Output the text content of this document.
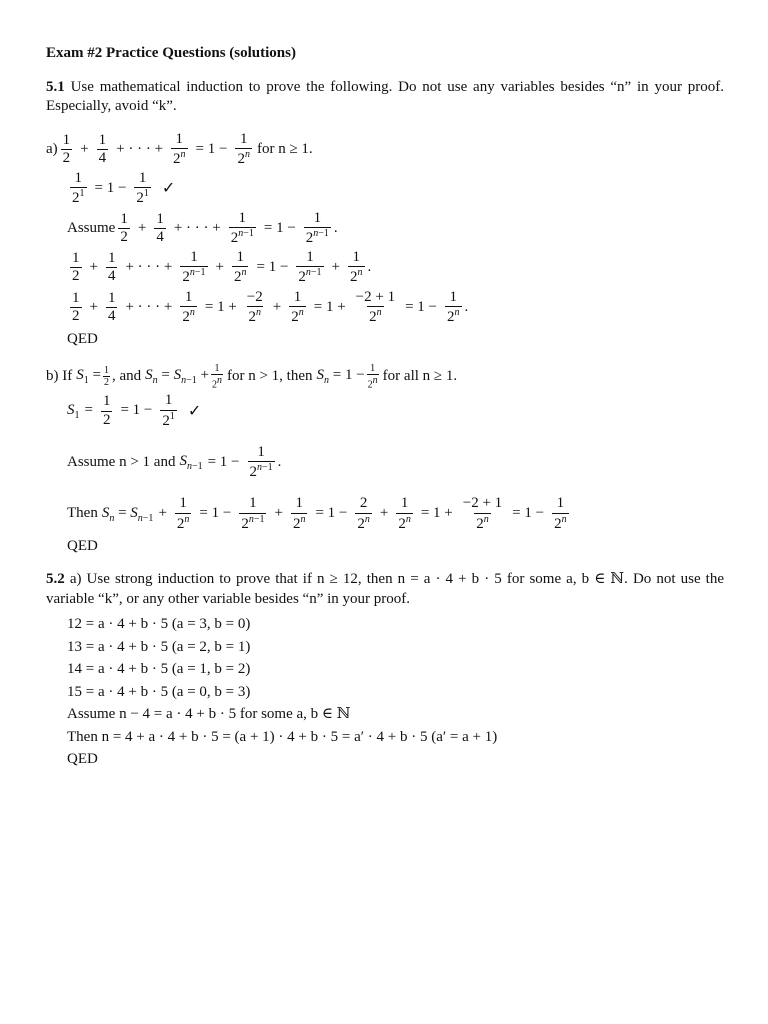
Exam #2 Practice Questions (solutions)

5.1 Use mathematical induction to prove the following. Do not use any variables besides “n” in your proof. Especially, avoid “k”.

$a) \frac{1}{2} + \frac{1}{4}$ + · · · + $\frac{1}{2^n} = 1 - \frac{1}{2^n}$ for n ≥ 1.
$\frac{1}{2^1} = 1 - \frac{1}{2^1}$ ✓
Assume $\frac{1}{2} + \frac{1}{4}$ + · · · + $\frac{1}{2^{n-1}} = 1 - \frac{1}{2^{n-1}}$ .
$\frac{1}{2} + \frac{1}{4}$ + · · · + $\frac{1}{2^{n-1}} + \frac{1}{2^n} = 1 - \frac{1}{2^{n-1}} + \frac{1}{2^n}$ .
$\frac{1}{2} + \frac{1}{4}$ + · · · + $\frac{1}{2^n} = 1 + \frac{-2}{2^n} + \frac{1}{2^n} = 1 + \frac{-2 + 1}{2^n} = 1 - \frac{1}{2^n}$ .
QED
b) If $S_1 = \frac{1}{2}$ , and $S_n = S_{n-1} + \frac{1}{2^n}$ for n > 1, then $S_n = 1 - \frac{1}{2^n}$ for all n ≥ 1.
$S_1 = \frac{1}{2} = 1 - \frac{1}{2^1}$ ✓
Assume n > 1 and $S_{n-1} = 1 - \frac{1}{2^{n-1}}$ .
Then $S_n = S_{n-1} + \frac{1}{2^n} = 1 - \frac{1}{2^{n-1}} + \frac{1}{2^n} = 1 - \frac{2}{2^n} + \frac{1}{2^n} = 1 + \frac{-2 + 1}{2^n} = 1 - \frac{1}{2^n}$
QED

5.2 a) Use strong induction to prove that if n ≥ 12, then n = a · 4 + b · 5 for some a, b ∈ ℕ. Do not use the variable “k”, or any other variable besides “n” in your proof.

12 = a · 4 + b · 5 (a = 3, b = 0)
13 = a · 4 + b · 5 (a = 2, b = 1)
14 = a · 4 + b · 5 (a = 1, b = 2)
15 = a · 4 + b · 5 (a = 0, b = 3)
Assume n − 4 = a · 4 + b · 5 for some a, b ∈ ℕ
Then n = 4 + a · 4 + b · 5 = (a + 1) · 4 + b · 5 = a′ · 4 + b · 5 (a′ = a + 1)
QED
